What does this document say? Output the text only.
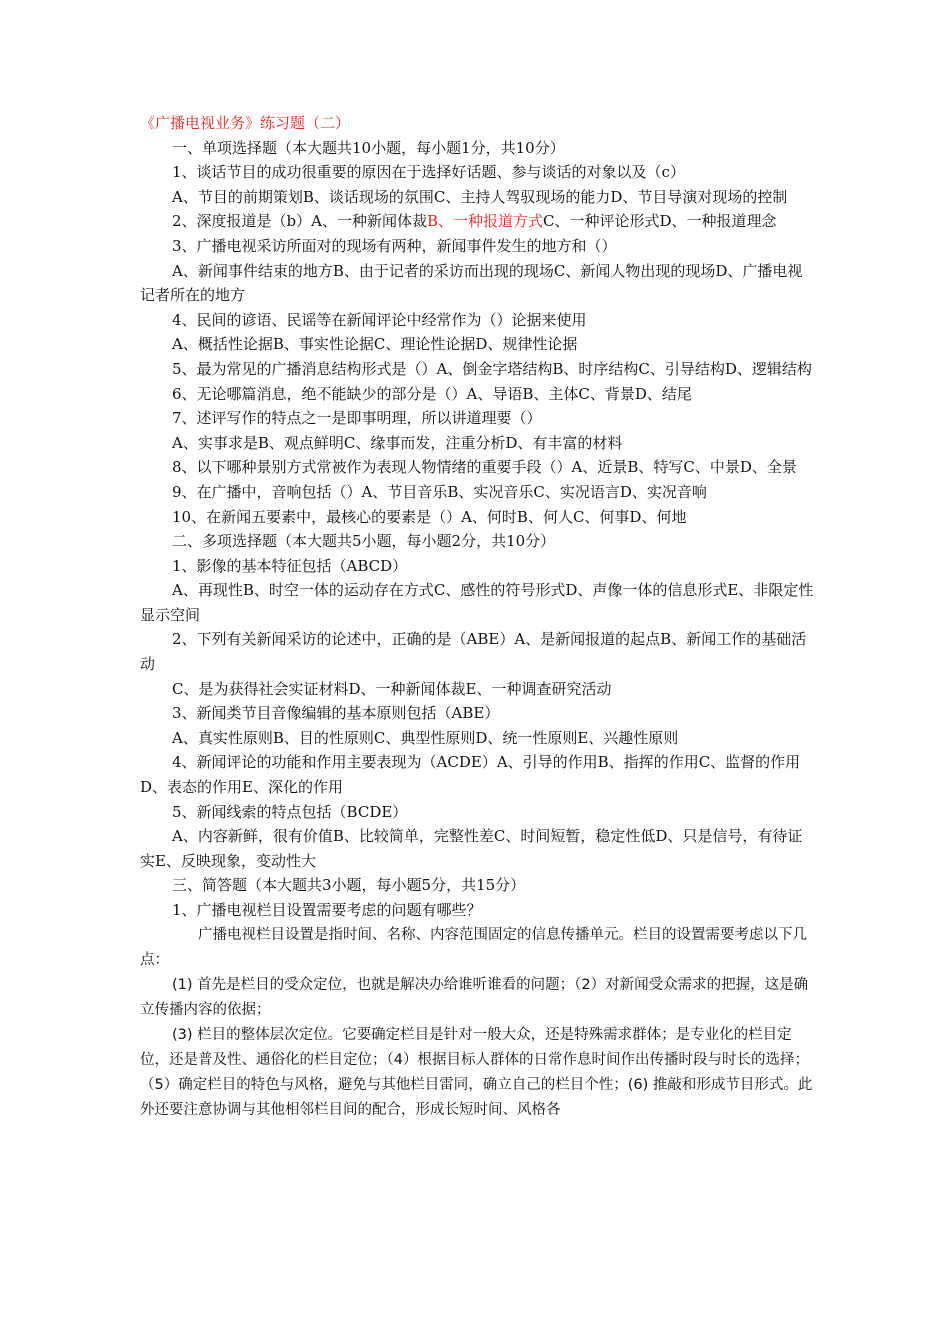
《广播电视业务》练习题（二）

一、单项选择题（本大题共10小题，每小题1分，共10分）

1、谈话节目的成功很重要的原因在于选择好话题、参与谈话的对象以及（c）

A、节目的前期策划B、谈话现场的氛围C、主持人驾驭现场的能力D、节目导演对现场的控制

2、深度报道是（b）A、一种新闻体裁B、一种报道方式C、一种评论形式D、一种报道理念

3、广播电视采访所面对的现场有两种，新闻事件发生的地方和（）

A、新闻事件结束的地方B、由于记者的采访而出现的现场C、新闻人物出现的现场D、广播电视记者所在的地方

4、民间的谚语、民谣等在新闻评论中经常作为（）论据来使用

A、概括性论据B、事实性论据C、理论性论据D、规律性论据

5、最为常见的广播消息结构形式是（）A、倒金字塔结构B、时序结构C、引导结构D、逻辑结构

6、无论哪篇消息，绝不能缺少的部分是（）A、导语B、主体C、背景D、结尾

7、述评写作的特点之一是即事明理，所以讲道理要（）

A、实事求是B、观点鲜明C、缘事而发，注重分析D、有丰富的材料

8、以下哪种景别方式常被作为表现人物情绪的重要手段（）A、近景B、特写C、中景D、全景

9、在广播中，音响包括（）A、节目音乐B、实况音乐C、实况语言D、实况音响

10、在新闻五要素中，最核心的要素是（）A、何时B、何人C、何事D、何地

二、多项选择题（本大题共5小题，每小题2分，共10分）

1、影像的基本特征包括（ABCD）

A、再现性B、时空一体的运动存在方式C、感性的符号形式D、声像一体的信息形式E、非限定性显示空间

2、下列有关新闻采访的论述中，正确的是（ABE）A、是新闻报道的起点B、新闻工作的基础活动

C、是为获得社会实证材料D、一种新闻体裁E、一种调查研究活动

3、新闻类节目音像编辑的基本原则包括（ABE）

A、真实性原则B、目的性原则C、典型性原则D、统一性原则E、兴趣性原则

4、新闻评论的功能和作用主要表现为（ACDE）A、引导的作用B、指挥的作用C、监督的作用D、表态的作用E、深化的作用

5、新闻线索的特点包括（BCDE）

A、内容新鲜，很有价值B、比较简单，完整性差C、时间短暂，稳定性低D、只是信号，有待证实E、反映现象，变动性大

三、简答题（本大题共3小题，每小题5分，共15分）

1、广播电视栏目设置需要考虑的问题有哪些？

广播电视栏目设置是指时间、名称、内容范围固定的信息传播单元。栏目的设置需要考虑以下几点：

(1) 首先是栏目的受众定位，也就是解决办给谁听谁看的问题；（2）对新闻受众需求的把握，这是确立传播内容的依据；

(3) 栏目的整体层次定位。它要确定栏目是针对一般大众，还是特殊需求群体；是专业化的栏目定位，还是普及性、通俗化的栏目定位；（4）根据目标人群体的日常作息时间作出传播时段与时长的选择；（5）确定栏目的特色与风格，避免与其他栏目雷同，确立自己的栏目个性；(6) 推敲和形成节目形式。此外还要注意协调与其他相邻栏目间的配合，形成长短时间、风格各
